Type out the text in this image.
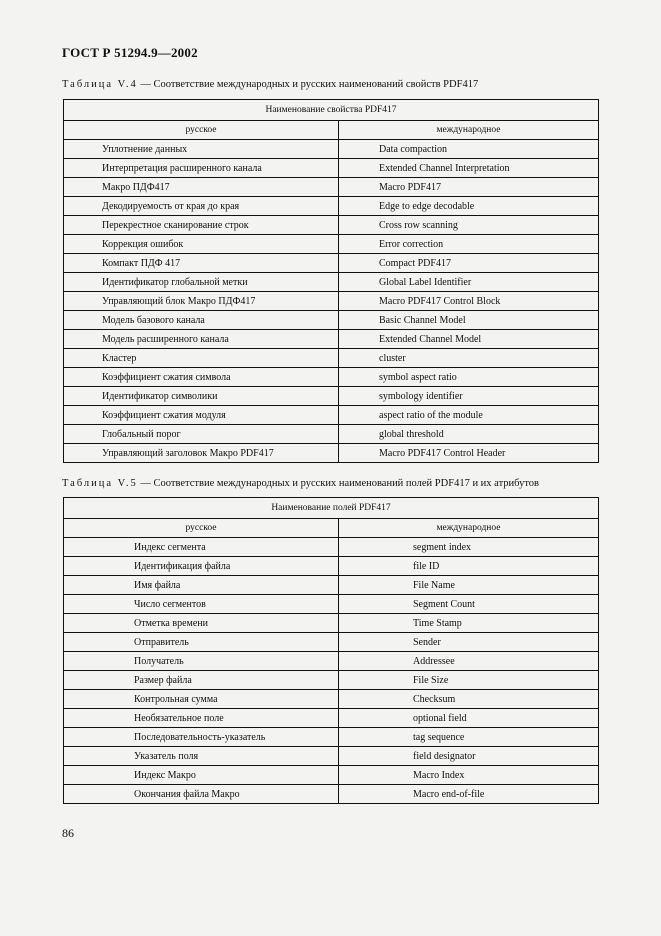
ГОСТ Р 51294.9—2002
Таблица V.4 — Соответствие международных и русских наименований свойств PDF417
Наименование свойства PDF417	
русское	международное
Уплотнение данных	Data compaction
Интерпретация расширенного канала	Extended Channel Interpretation
Макро ПДФ417	Macro PDF417
Декодируемость от края до края	Edge to edge decodable
Перекрестное сканирование строк	Cross row scanning
Коррекция ошибок	Error correction
Компакт ПДФ 417	Compact PDF417
Идентификатор глобальной метки	Global Label Identifier
Управляющий блок Макро ПДФ417	Macro PDF417 Control Block
Модель базового канала	Basic Channel Model
Модель расширенного канала	Extended Channel Model
Кластер	cluster
Коэффициент сжатия символа	symbol aspect ratio
Идентификатор символики	symbology identifier
Коэффициент сжатия модуля	aspect ratio of the module
Глобальный порог	global threshold
Управляющий заголовок Макро PDF417	Macro PDF417 Control Header
Таблица V.5 — Соответствие международных и русских наименований полей PDF417 и их атрибутов
Наименование полей PDF417	
русское	международное
Индекс сегмента	segment index
Идентификация файла	file ID
Имя файла	File Name
Число сегментов	Segment Count
Отметка времени	Time Stamp
Отправитель	Sender
Получатель	Addressee
Размер файла	File Size
Контрольная сумма	Checksum
Необязательное поле	optional field
Последовательность-указатель	tag sequence
Указатель поля	field designator
Индекс Макро	Macro Index
Окончания файла Макро	Macro end-of-file
86
